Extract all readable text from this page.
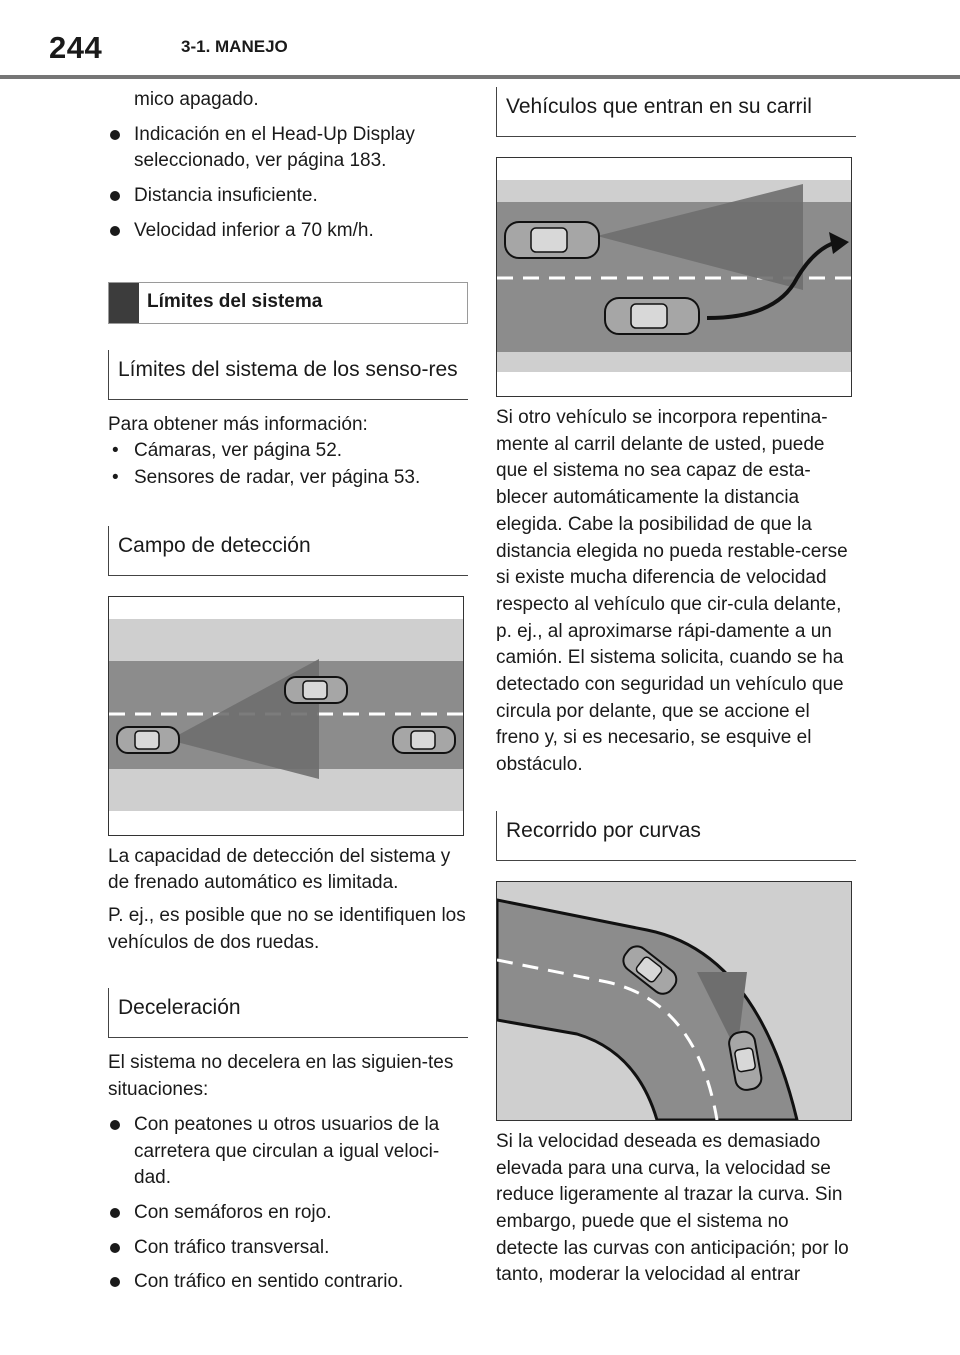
244	3-1. MANEJO

mico apagado.

Indicación en el Head-Up Display seleccionado, ver página 183.
Distancia insuficiente.
Velocidad inferior a 70 km/h.
Límites del sistema
Límites del sistema de los senso-res

Para obtener más información:

• Cámaras, ver página 52.
• Sensores de radar, ver página 53.
Campo de detección

La capacidad de detección del sistema y de frenado automático es limitada.

P. ej., es posible que no se identifiquen los vehículos de dos ruedas.

Deceleración

El sistema no decelera en las siguien-tes situaciones:

Con peatones u otros usuarios de la carretera que circulan a igual veloci-dad.
Con semáforos en rojo.
Con tráfico transversal.
Con tráfico en sentido contrario.
Vehículos que entran en su carril

Si otro vehículo se incorpora repentina-mente al carril delante de usted, puede que el sistema no sea capaz de esta-blecer automáticamente la distancia elegida. Cabe la posibilidad de que la distancia elegida no pueda restable-cerse si existe mucha diferencia de velocidad respecto al vehículo que cir-cula delante, p. ej., al aproximarse rápi-damente a un camión. El sistema solicita, cuando se ha detectado con seguridad un vehículo que circula por delante, que se accione el freno y, si es necesario, se esquive el obstáculo.

Recorrido por curvas

Si la velocidad deseada es demasiado elevada para una curva, la velocidad se reduce ligeramente al trazar la curva. Sin embargo, puede que el sistema no detecte las curvas con anticipación; por lo tanto, moderar la velocidad al entrar
